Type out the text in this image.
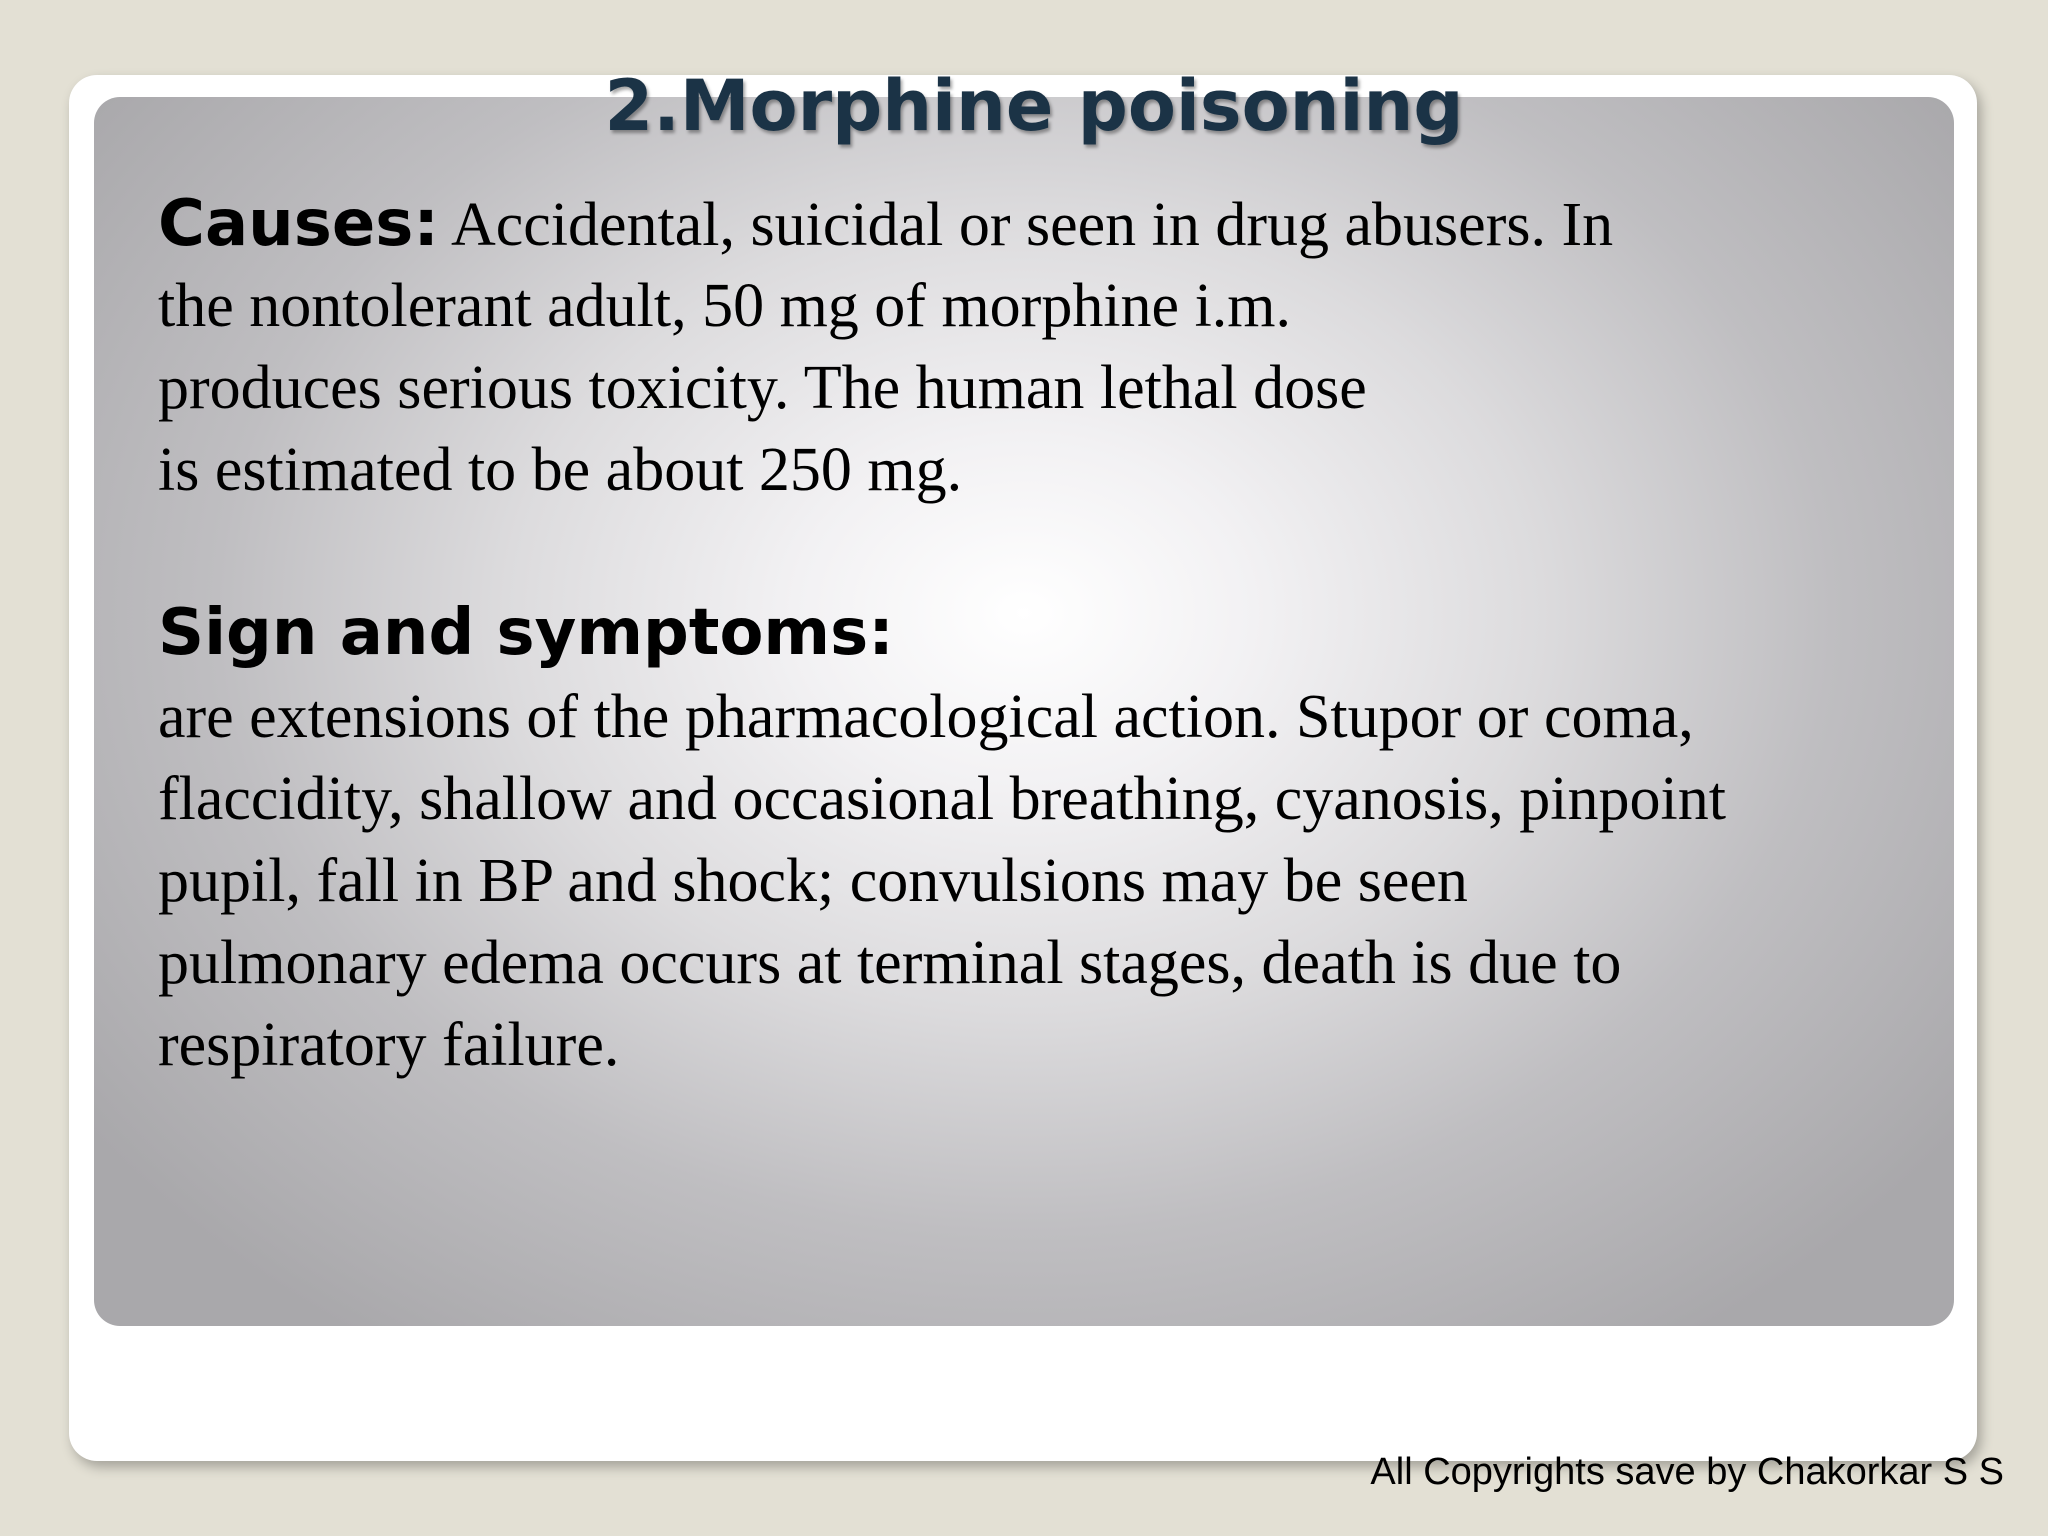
2.Morphine poisoning
Causes: Accidental, suicidal or seen in drug abusers. In
the nontolerant adult, 50 mg of morphine i.m.
produces serious toxicity. The human lethal dose
is estimated to be about 250 mg.
Sign and symptoms:
are extensions of the pharmacological action. Stupor or coma,
flaccidity, shallow and occasional breathing, cyanosis, pinpoint
pupil, fall in BP and shock; convulsions may be seen
pulmonary edema occurs at terminal stages, death is due to
respiratory failure.
All Copyrights save by Chakorkar S S
